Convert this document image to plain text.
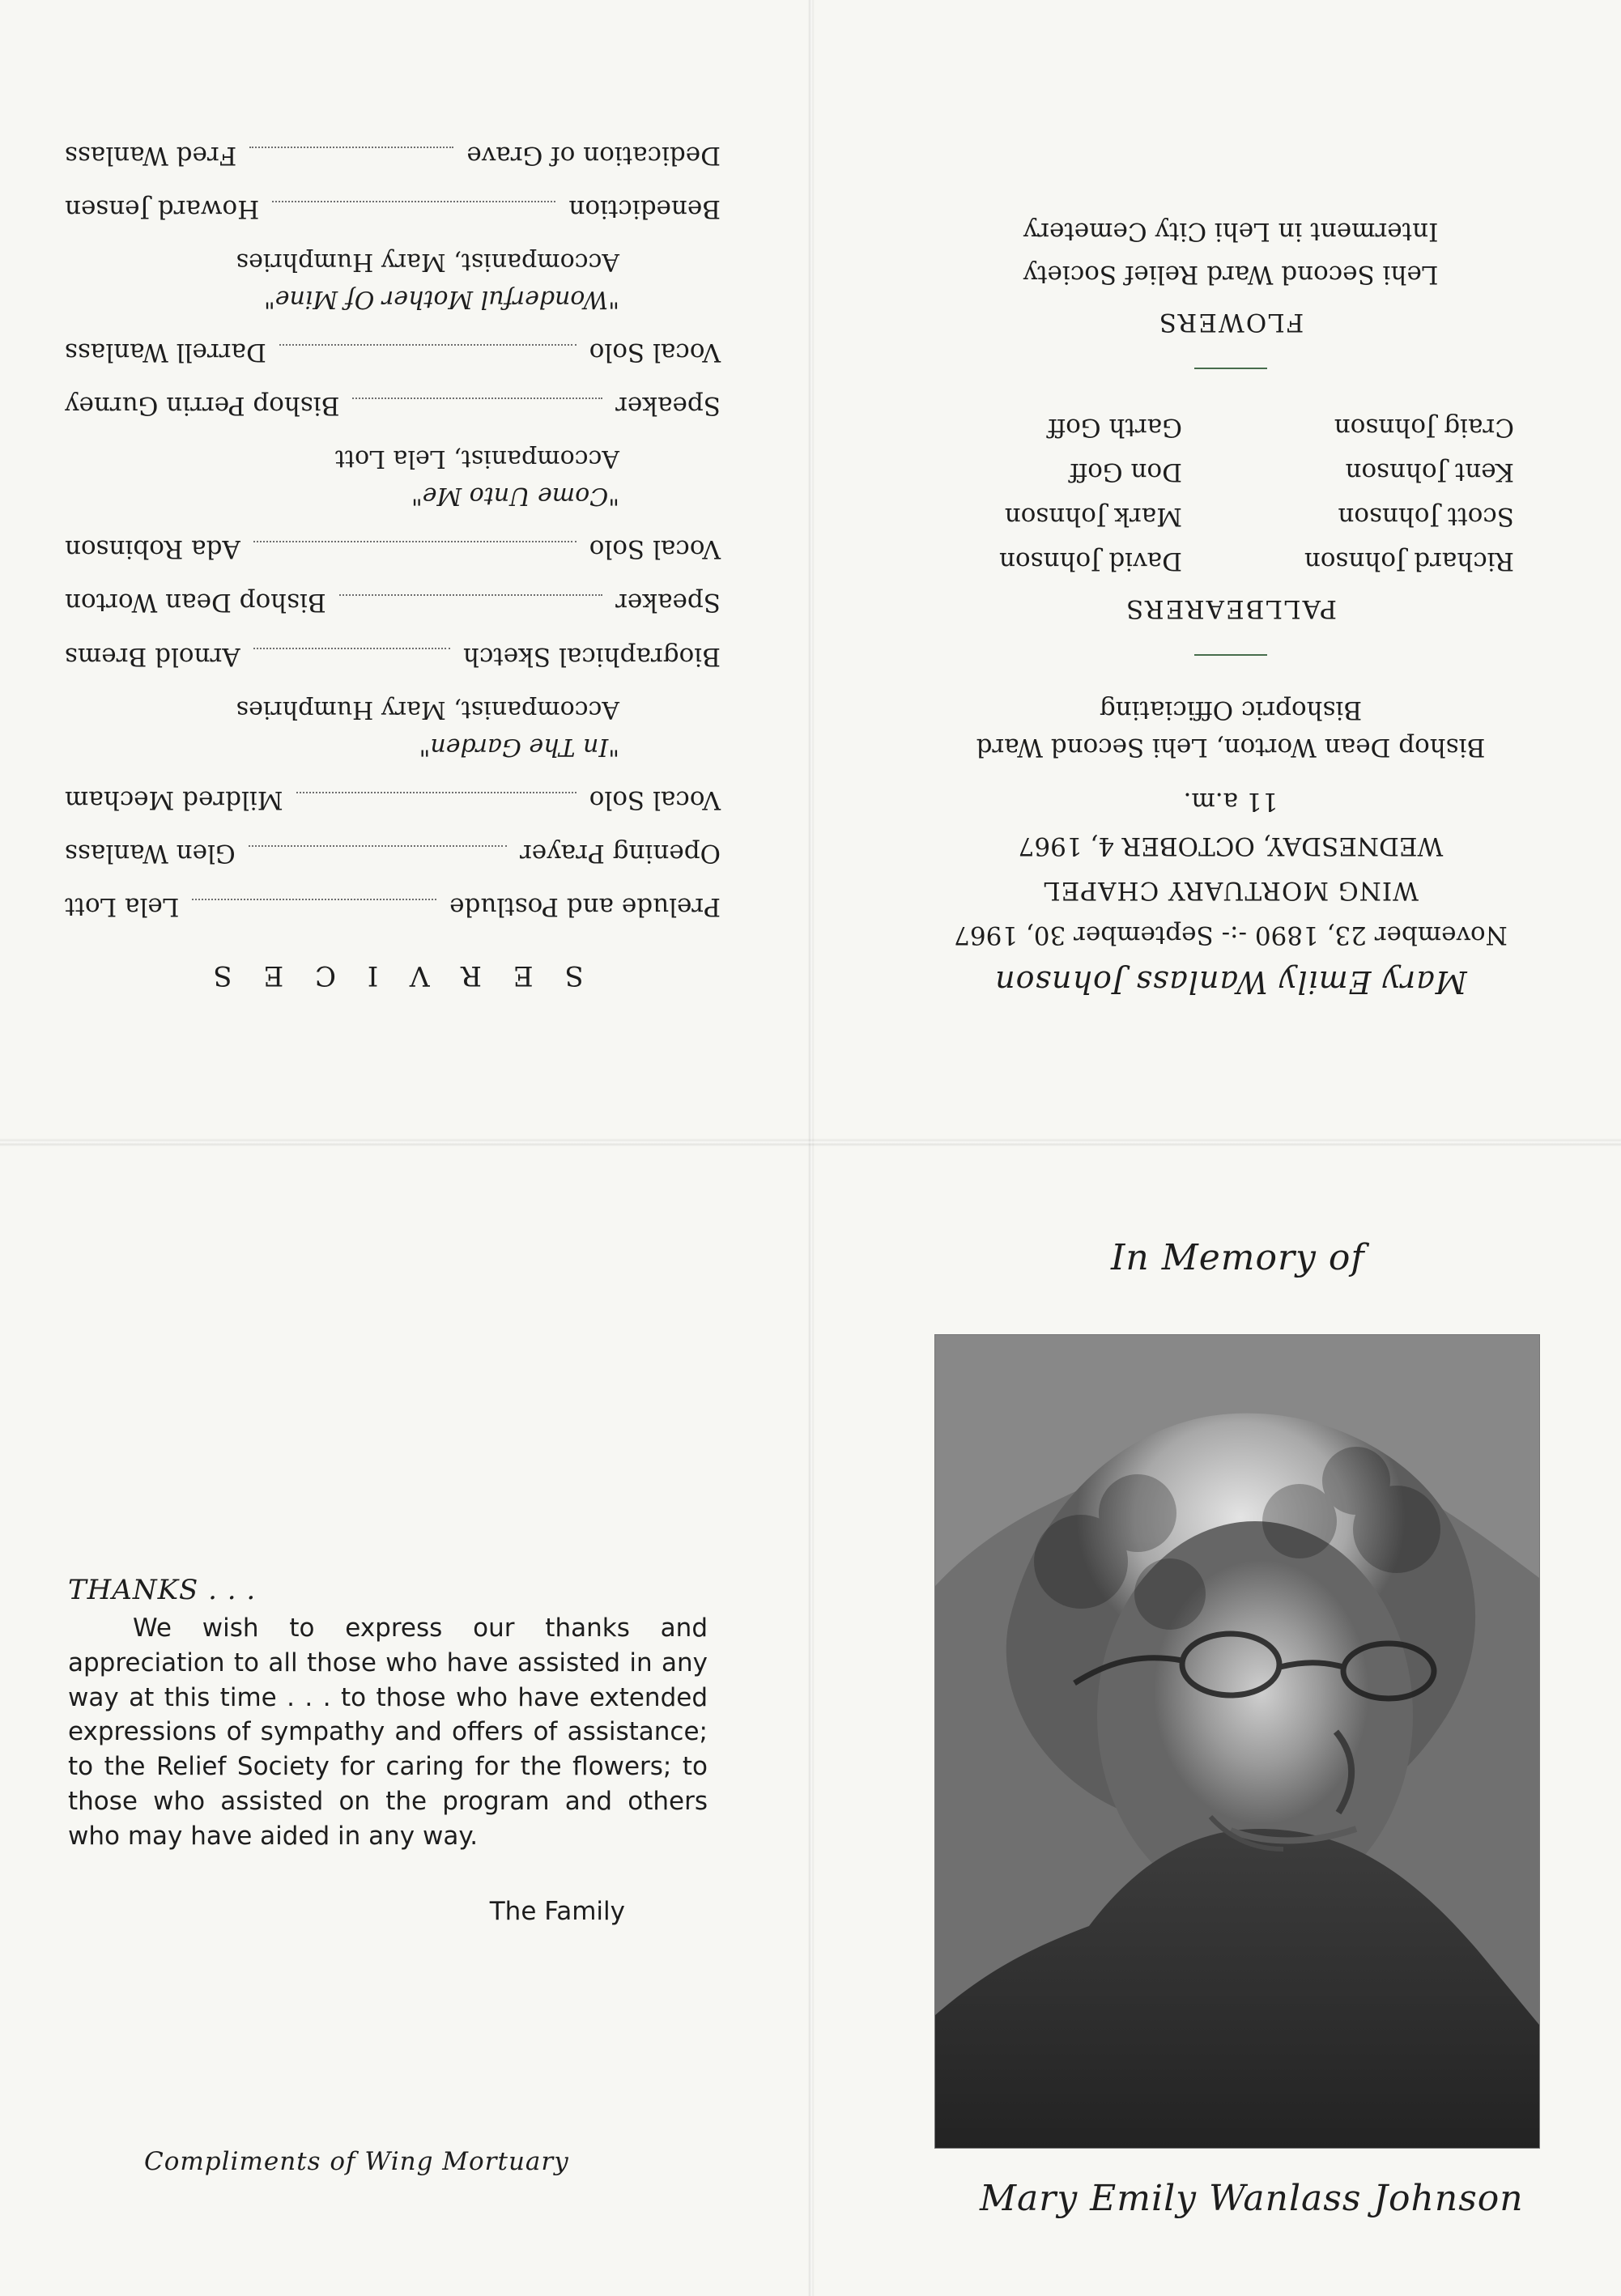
S E R V I C E S
Prelude and Postlude
Lela Lott
Opening Prayer
Glen Wanlass
Vocal Solo
Mildred Mecham
"In The Garden"
Accompanist, Mary Humphries
Biographical Sketch
Arnold Brems
Speaker
Bishop Dean Worton
Vocal Solo
Ada Robinson
"Come Unto Me"
Accompanist, Lela Lott
Speaker
Bishop Perrin Gurney
Vocal Solo
Darrell Wanlass
"Wonderful Mother Of Mine"
Accompanist, Mary Humphries
Benediction
Howard Jensen
Dedication of Grave
Fred Wanlass
Mary Emily Wanlass Johnson
November 23, 1890 -:- September 30, 1967
WING MORTUARY CHAPEL
WEDNESDAY, OCTOBER 4, 1967
11 a.m.
Bishop Dean Worton, Lehi Second Ward
Bishopric Officiating
PALLBEARERS
Richard Johnson
David Johnson
Scott Johnson
Mark Johnson
Kent Johnson
Don Goff
Craig Johnson
Garth Goff
FLOWERS
Lehi Second Ward Relief Society
Interment in Lehi City Cemetery
THANKS . . .
We wish to express our thanks and appreciation to all those who have assisted in any way at this time . . . to those who have extended expressions of sympathy and offers of assistance; to the Relief Society for caring for the flowers; to those who assisted on the program and others who may have aided in any way.
The Family
Compliments of Wing Mortuary
In Memory of
Mary Emily Wanlass Johnson
